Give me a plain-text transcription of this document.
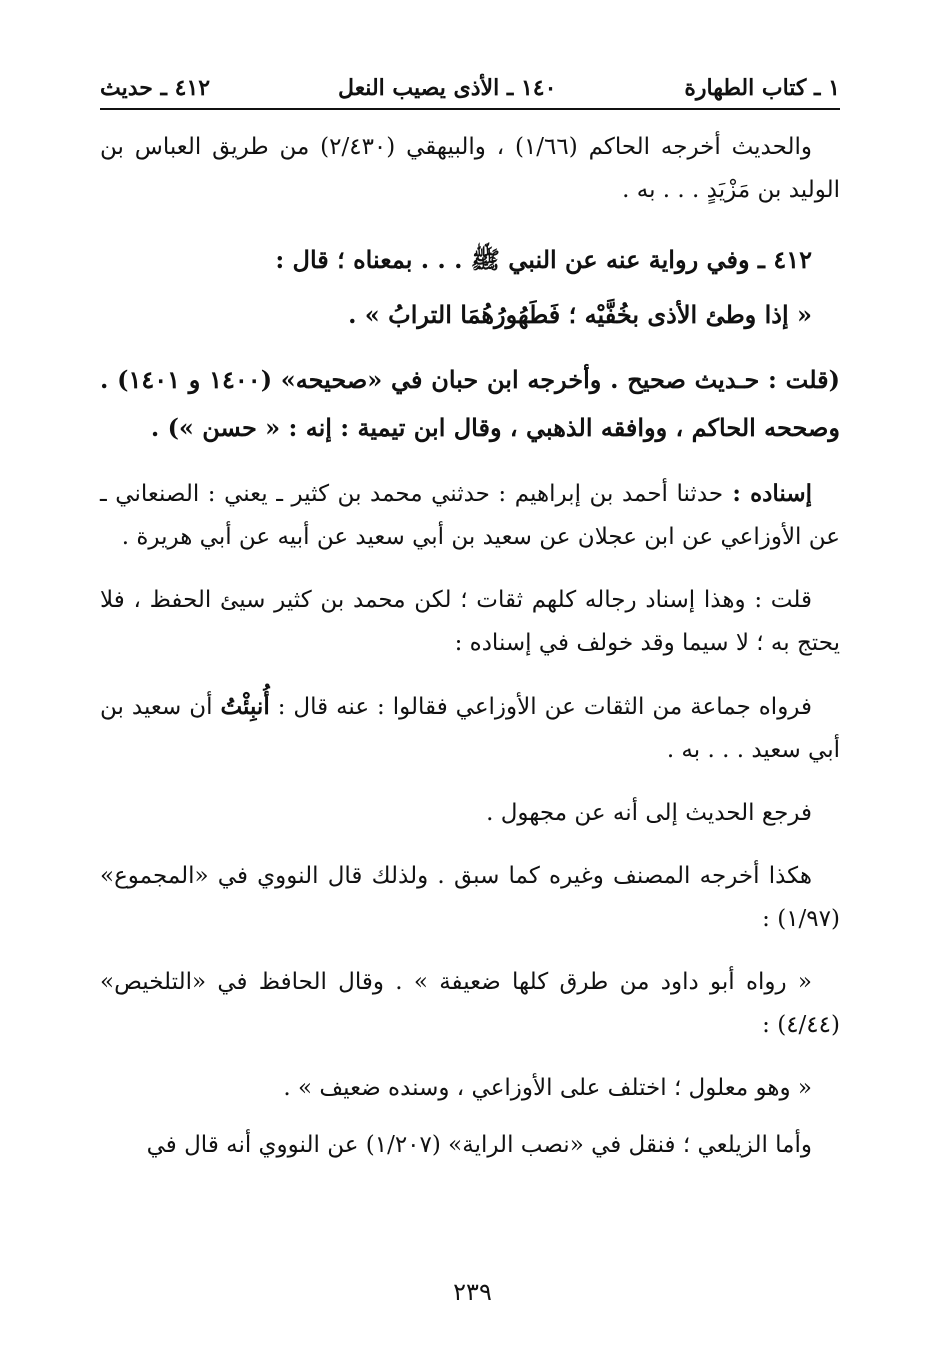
١ ـ كتاب الطهارة
١٤٠ ـ الأذى يصيب النعل
٤١٢ ـ حديث

والحديث أخرجه الحاكم (١/٦٦) ، والبيهقي (٢/٤٣٠) من طريق العباس بن الوليد بن مَزْيَدٍ . . . به .

٤١٢ ـ وفي رواية عنه عن النبي ﷺ . . . بمعناه ؛ قال :

« إذا وطئ الأذى بخُفَّيْه ؛ فَطَهُورُهُمَا الترابُ » .

(قلت : حـديث صحيح . وأخرجه ابن حبان في «صحيحه» (١٤٠٠ و ١٤٠١) . وصححه الحاكم ، ووافقه الذهبي ، وقال ابن تيمية : إنه : « حسن ») .

إسناده : حدثنا أحمد بن إبراهيم : حدثني محمد بن كثير ـ يعني : الصنعاني ـ عن الأوزاعي عن ابن عجلان عن سعيد بن أبي سعيد عن أبيه عن أبي هريرة .

قلت : وهذا إسناد رجاله كلهم ثقات ؛ لكن محمد بن كثير سيئ الحفظ ، فلا يحتج به ؛ لا سيما وقد خولف في إسناده :

فرواه جماعة من الثقات عن الأوزاعي فقالوا : عنه قال : أُنبِئْتُ أن سعيد بن أبي سعيد . . . به .

فرجع الحديث إلى أنه عن مجهول .

هكذا أخرجه المصنف وغيره كما سبق . ولذلك قال النووي في «المجموع» (١/٩٧) :

« رواه أبو داود من طرق كلها ضعيفة » . وقال الحافظ في «التلخيص» (٤/٤٤) :

« وهو معلول ؛ اختلف على الأوزاعي ، وسنده ضعيف » .

وأما الزيلعي ؛ فنقل في «نصب الراية» (١/٢٠٧) عن النووي أنه قال في

٢٣٩
